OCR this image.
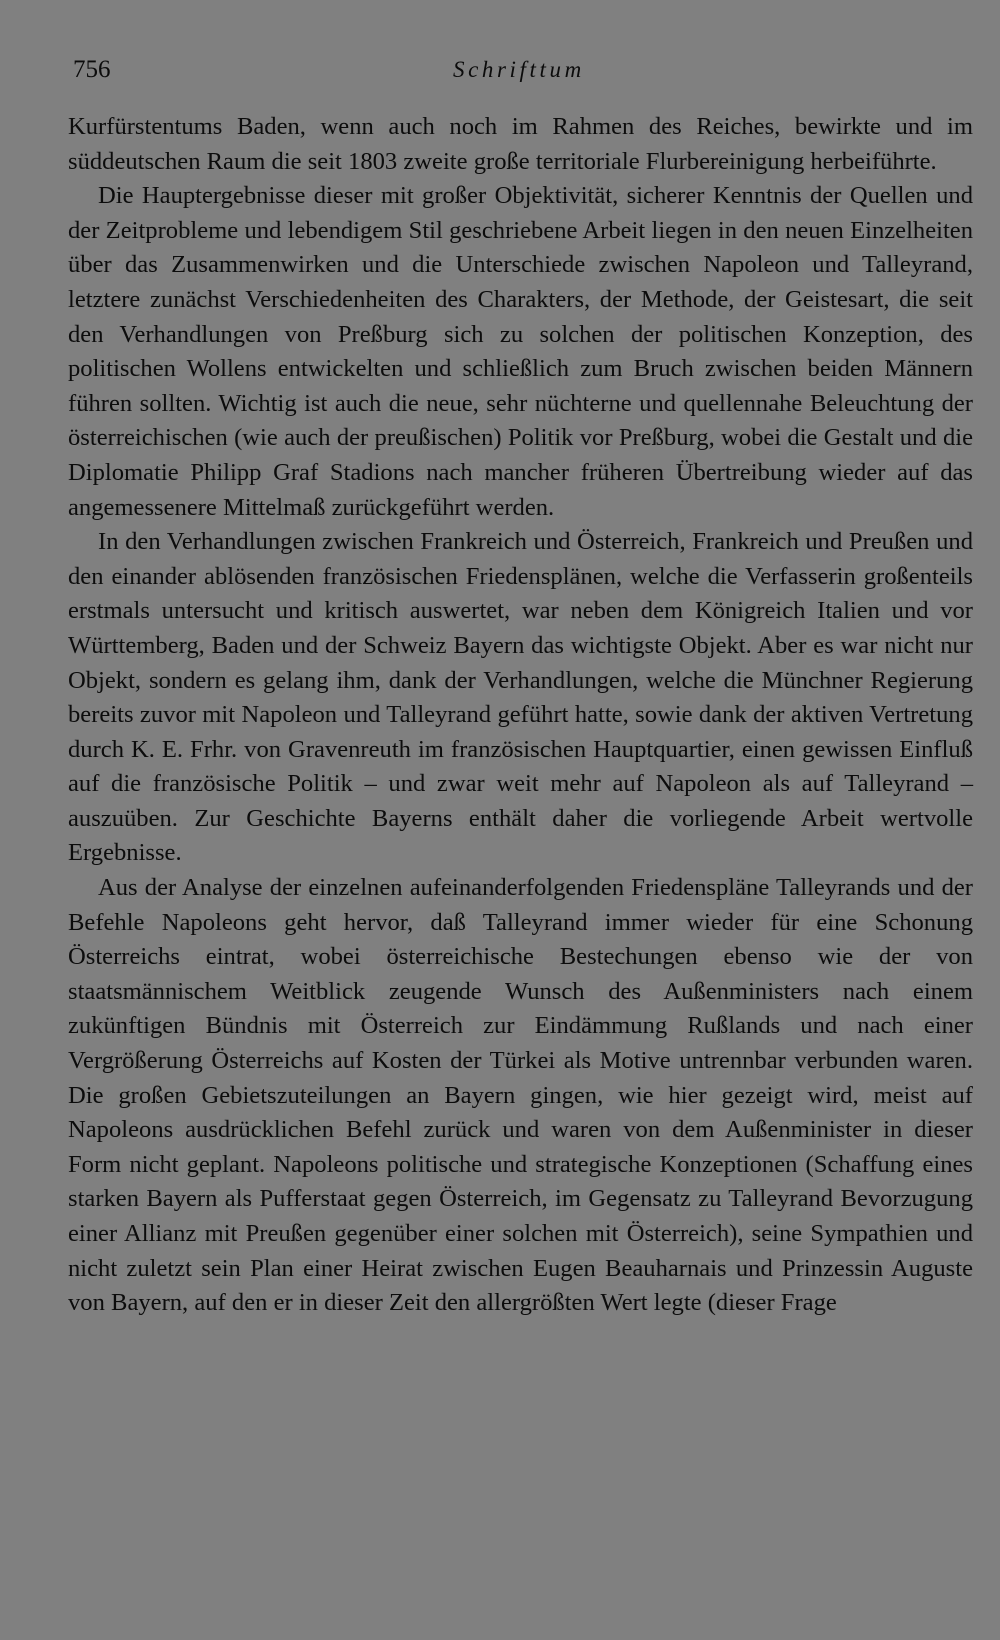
756	Schrifttum

Kurfürstentums Baden, wenn auch noch im Rahmen des Reiches, bewirkte und im süddeutschen Raum die seit 1803 zweite große territoriale Flurbereinigung herbeiführte.

Die Hauptergebnisse dieser mit großer Objektivität, sicherer Kenntnis der Quellen und der Zeitprobleme und lebendigem Stil geschriebene Arbeit liegen in den neuen Einzelheiten über das Zusammenwirken und die Unterschiede zwischen Napoleon und Talleyrand, letztere zunächst Verschiedenheiten des Charakters, der Methode, der Geistesart, die seit den Verhandlungen von Preßburg sich zu solchen der politischen Konzeption, des politischen Wollens entwickelten und schließlich zum Bruch zwischen beiden Männern führen sollten. Wichtig ist auch die neue, sehr nüchterne und quellennahe Beleuchtung der österreichischen (wie auch der preußischen) Politik vor Preßburg, wobei die Gestalt und die Diplomatie Philipp Graf Stadions nach mancher früheren Übertreibung wieder auf das angemessenere Mittelmaß zurückgeführt werden.

In den Verhandlungen zwischen Frankreich und Österreich, Frankreich und Preußen und den einander ablösenden französischen Friedensplänen, welche die Verfasserin großenteils erstmals untersucht und kritisch auswertet, war neben dem Königreich Italien und vor Württemberg, Baden und der Schweiz Bayern das wichtigste Objekt. Aber es war nicht nur Objekt, sondern es gelang ihm, dank der Verhandlungen, welche die Münchner Regierung bereits zuvor mit Napoleon und Talleyrand geführt hatte, sowie dank der aktiven Vertretung durch K. E. Frhr. von Gravenreuth im französischen Hauptquartier, einen gewissen Einfluß auf die französische Politik – und zwar weit mehr auf Napoleon als auf Talleyrand – auszuüben. Zur Geschichte Bayerns enthält daher die vorliegende Arbeit wertvolle Ergebnisse.

Aus der Analyse der einzelnen aufeinanderfolgenden Friedenspläne Talleyrands und der Befehle Napoleons geht hervor, daß Talleyrand immer wieder für eine Schonung Österreichs eintrat, wobei österreichische Bestechungen ebenso wie der von staatsmännischem Weitblick zeugende Wunsch des Außenministers nach einem zukünftigen Bündnis mit Österreich zur Eindämmung Rußlands und nach einer Vergrößerung Österreichs auf Kosten der Türkei als Motive untrennbar verbunden waren. Die großen Gebietszuteilungen an Bayern gingen, wie hier gezeigt wird, meist auf Napoleons ausdrücklichen Befehl zurück und waren von dem Außenminister in dieser Form nicht geplant. Napoleons politische und strategische Konzeptionen (Schaffung eines starken Bayern als Pufferstaat gegen Österreich, im Gegensatz zu Talleyrand Bevorzugung einer Allianz mit Preußen gegenüber einer solchen mit Österreich), seine Sympathien und nicht zuletzt sein Plan einer Heirat zwischen Eugen Beauharnais und Prinzessin Auguste von Bayern, auf den er in dieser Zeit den allergrößten Wert legte (dieser Frage
